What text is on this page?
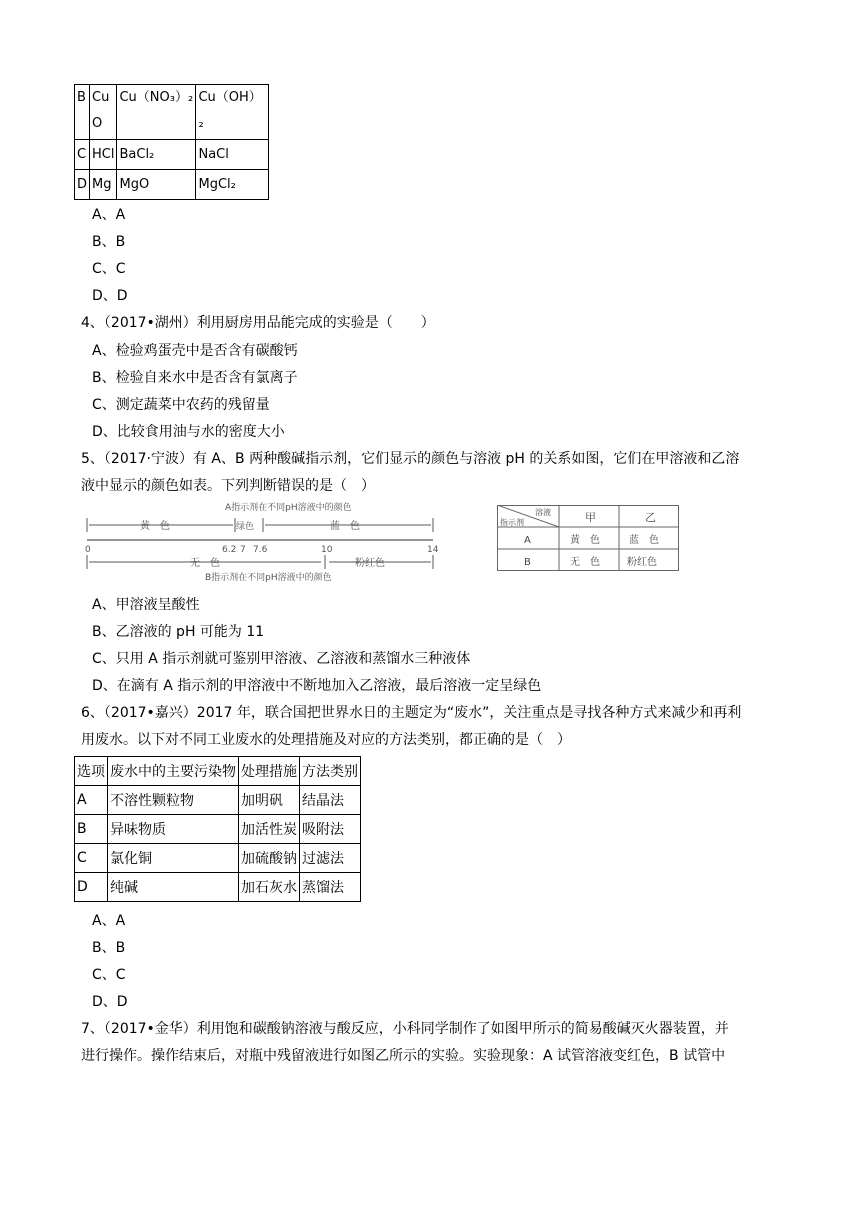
B	Cu O	Cu（NO₃）₂	Cu（OH）₂
C	HCl	BaCl₂	NaCl
D	Mg	MgO	MgCl₂
A、A
B、B
C、C
D、D
4、（2017•湖州）利用厨房用品能完成的实验是（　　）
A、检验鸡蛋壳中是否含有碳酸钙
B、检验自来水中是否含有氯离子
C、测定蔬菜中农药的残留量
D、比较食用油与水的密度大小
5、（2017·宁波）有 A、B 两种酸碱指示剂，它们显示的颜色与溶液 pH 的关系如图，它们在甲溶液和乙溶
液中显示的颜色如表。下列判断错误的是（　）
A指示剂在不同pH溶液中的颜色
黄　色	绿色	蓝　色
0	6.2 7 7.6	10	14
无　色	粉红色
B指示剂在不同pH溶液中的颜色
溶液
指示剂	甲	乙
A	黄　色	蓝　色
B	无　色	粉红色
A、甲溶液呈酸性
B、乙溶液的 pH 可能为 11
C、只用 A 指示剂就可鉴别甲溶液、乙溶液和蒸馏水三种液体
D、在滴有 A 指示剂的甲溶液中不断地加入乙溶液，最后溶液一定呈绿色
6、（2017•嘉兴）2017 年，联合国把世界水日的主题定为“废水”，关注重点是寻找各种方式来减少和再利
用废水。以下对不同工业废水的处理措施及对应的方法类别，都正确的是（　）
选项	废水中的主要污染物	处理措施	方法类别
A	不溶性颗粒物	加明矾	结晶法
B	异味物质	加活性炭	吸附法
C	氯化铜	加硫酸钠	过滤法
D	纯碱	加石灰水	蒸馏法
A、A
B、B
C、C
D、D
7、（2017•金华）利用饱和碳酸钠溶液与酸反应，小科同学制作了如图甲所示的简易酸碱灭火器装置，并
进行操作。操作结束后，对瓶中残留液进行如图乙所示的实验。实验现象：A 试管溶液变红色，B 试管中
